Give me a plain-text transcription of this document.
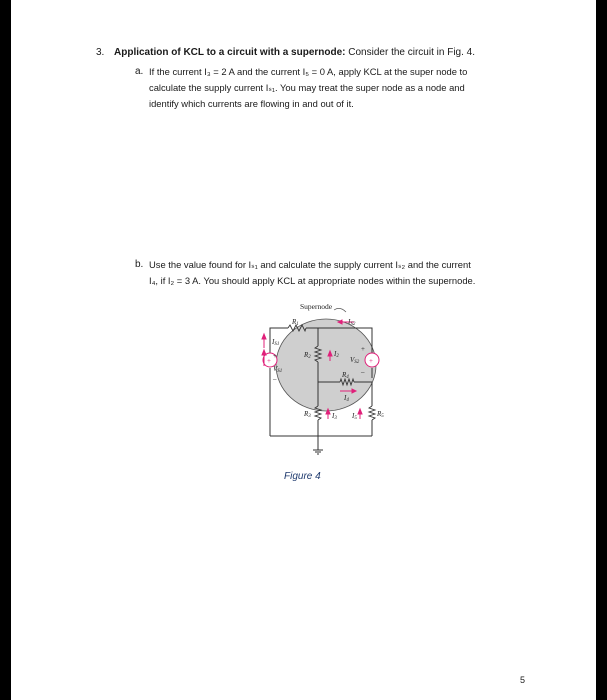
3. Application of KCL to a circuit with a supernode: Consider the circuit in Fig. 4.
a. If the current I₃ = 2 A and the current I₅ = 0 A, apply KCL at the super node to
calculate the supply current Iₛ₁. You may treat the super node as a node and
identify which currents are flowing in and out of it.
b. Use the value found for Iₛ₁ and calculate the supply current Iₛ₂ and the current
I₄, if I₂ = 3 A. You should apply KCL at appropriate nodes within the supernode.
Figure 4
5
Supernode
+	+
R1
IS1
VS1
+
–
R2	I2
IS2
VS2
+
–
R4
I4
R3	I3 I5
R5
